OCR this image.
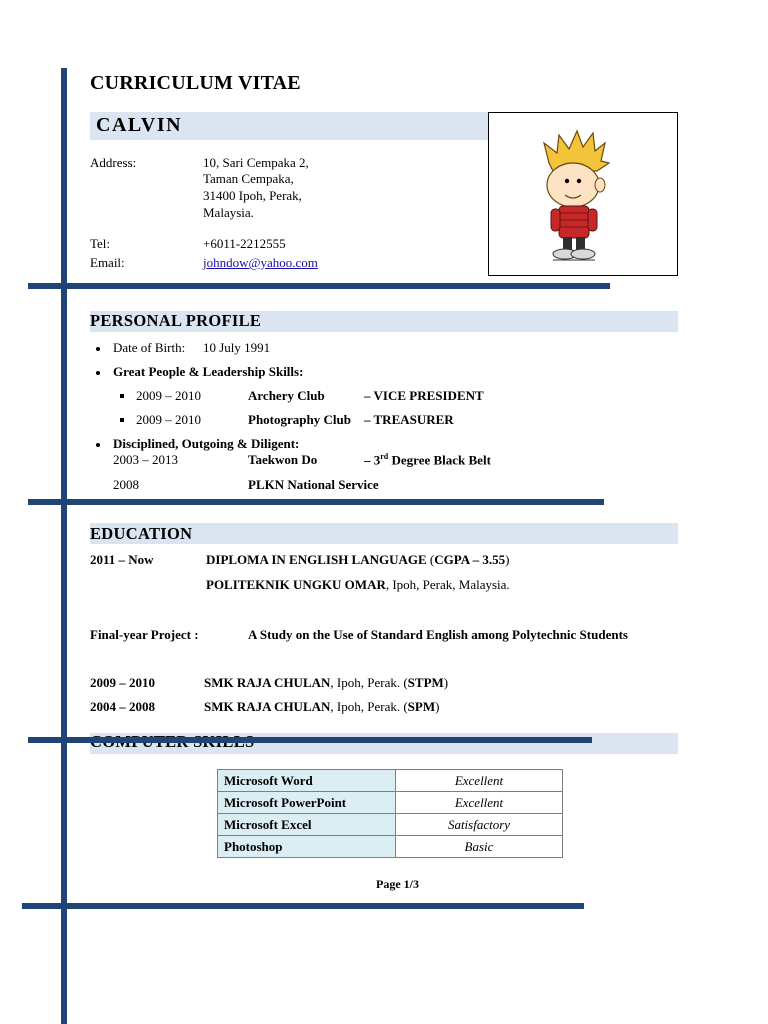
CURRICULUM VITAE
CALVIN
Address:	10, Sari Cempaka 2,
Taman Cempaka,
31400 Ipoh, Perak,
Malaysia.
Tel:	+6011-2212555
Email:	johndow@yahoo.com
PERSONAL PROFILE
Date of Birth: 10 July 1991
Great People & Leadership Skills:
2009 – 2010	Archery Club	– VICE PRESIDENT
2009 – 2010	Photography Club – TREASURER
Disciplined, Outgoing & Diligent:
2003 – 2013	Taekwon Do	– 3rd Degree Black Belt
2008	PLKN National Service
EDUCATION
2011 – Now	DIPLOMA IN ENGLISH LANGUAGE (CGPA – 3.55)
POLITEKNIK UNGKU OMAR, Ipoh, Perak, Malaysia.
Final-year Project :	A Study on the Use of Standard English among Polytechnic Students
2009 – 2010	SMK RAJA CHULAN, Ipoh, Perak. (STPM)
2004 – 2008	SMK RAJA CHULAN, Ipoh, Perak. (SPM)
Microsoft Word	Excellent
Microsoft PowerPoint	Excellent
Microsoft Excel	Satisfactory
Photoshop	Basic
Page 1/3
